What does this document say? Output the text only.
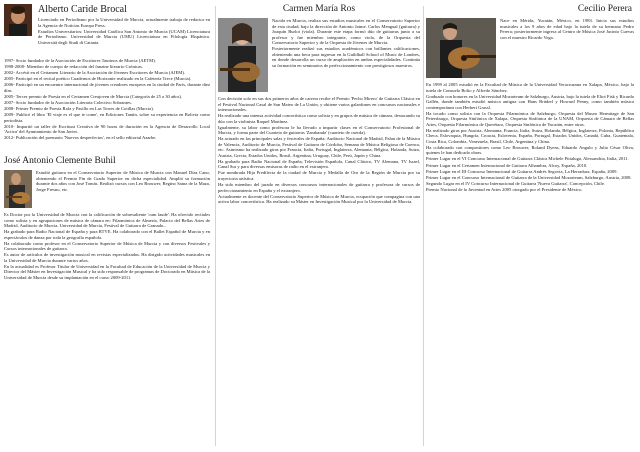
Alberto Caride Brocal

Licenciado en Periodismo por la Universidad de Murcia, actualmente trabaja de redactor en la Agencia de Noticias Europa Press.

Estudios Universitarios: Universidad Católica San Antonio de Murcia (UCAM) Licenciatura de Periodismo. Universidad de Murcia (UMU) Licenciatura en Filología Hispánica. Università degli Studi di Catania.

1997- Socio fundador de la Asociación de Escritores Taurinos de Murcia (AETM).

1998-2008- Miembro de cuerpo de redacción del fanzine literario Crónicas.

2002- Accésit en el Certamen Literario de la Asociación de Jóvenes Escritores de Murcia (AJEM).

2005- Participó en el recital poético Cuadernos de Horizonte realizado en la Cafetería Trece (Murcia).

2006- Participó en un encuentro internacional de jóvenes creadores europeos en la ciudad de París, durante diez días.

2005- Tercer premio de Poesía en el Certamen Creajoven de Murcia (Categoría de 25 a 30 años).

2007- Socio fundador de la Asociación Literaria Colectivo Sobrantes.

2008- Primer Premio de Poesía Rafa y Pasillo en Las Torres de Cotillas (Murcia).

2009- Publicó el libro 'El viaje es el que te come', en Ediciones Tantín, sobre su experiencia en Bolivia como periodista.

2010- Impartió un taller de Escritura Creativa de 90 horas de duración en la Agencia de Desarrollo Local 'Activa' del Ayuntamiento de San Javier.

2012- Publicación del poemario 'Nuevos desperfectos', en el sello editorial Azarbe.

José Antonio Clemente Buhil

Estudió guitarra en el Conservatorio Superior de Música de Murcia con Manuel Díaz Cano, obteniendo el Premio Fin de Grado Superior en dicha especialidad. Amplió su formación durante dos años con José Tomás. Realizó cursos con Leo Brouwer, Regino Sainz de la Maza, Jorge Fresno, etc.

Es Doctor por la Universidad de Murcia con la calificación de sobresaliente 'cum laude'. Ha ofrecido recitales como solista y en agrupaciones de música de cámara en: Filarmónica de Almería, Palacio del Bellas Artes de Madrid, Auditorio de Murcia, Universidad de Murcia, Festival de Guitarra de Granada...

Ha grabado para Radio Nacional de España y para RTVE. Ha colaborado con el Ballet Español de Murcia y en espectáculos de danza por toda la geografía española.

Ha colaborado como profesor en el Conservatorio Superior de Música de Murcia y con diversos Festivales y Cursos internacionales de guitarra.

Es autor de artículos de investigación musical en revistas especializadas. Ha dirigido actividades musicales en la Universidad de Murcia durante varios años.

En la actualidad es Profesor Titular de Universidad en la Facultad de Educación de la Universidad de Murcia y Director del Máster en Investigación Musical y ha sido responsable de programas de Doctorado en Música de la Universidad de Murcia desde su implantación en el curso 2009-2011.

Carmen María Ros

Nacida en Murcia, realiza sus estudios musicales en el Conservatorio Superior de esta ciudad, bajo la dirección de Antonio Jaime. Carlos Mengual (guitarra) y Joaquín Burlot (viola). Durante este etapa formó dúo de guitarras junto a su profesor y fue miembro integrante, como viola, de la Orquesta del Conservatorio Superior y de la Orquesta de Jóvenes de Murcia.

Posteriormente realizó sus estudios académicos con brillantes calificaciones, obteniendo una beca para ingresar en la Guildhall School of Music de Londres, en donde desarrolla un curso de ampliación en ambas especialidades. Continúa su formación en seminarios de perfeccionamiento con prestigiosos maestros.

Con decisión solo en sus dos primeros años de carrera recibe el Premio 'Pecho Mirero' de Guitarra Clásica en el Festival Nacional Casal de San Mateo de La Unión, y obtiene varios galardones en concursos nacionales e internacionales.

Ha realizado una intensa actividad concertística como solista y en grupos de música de cámara, destacando su dúo con la violinista Raquel Martínez.

Igualmente, su labor como profesora le ha llevado a impartir clases en el Conservatorio Profesional de Murcia, y forma parte del Cuarteto de guitarras 'Zarabanda' (cuarteto de cuerda).

Ha actuado en las principales salas y festivales de España: Auditorio Nacional de Madrid, Palau de la Música de Valencia, Auditorio de Murcia, Festival de Guitarra de Córdoba, Semana de Música Religiosa de Cuenca, etc. Asimismo ha realizado giras por Francia, Italia, Portugal, Inglaterra, Alemania, Bélgica, Holanda, Suiza, Austria, Grecia, Estados Unidos, Brasil, Argentina, Uruguay, Chile, Perú, Japón y China.

Ha grabado para Radio Nacional de España, Televisión Española, Canal Clásico, TV Alemana, TV Israel, Canal Sur y para diversas emisoras de radio en el extranjero.

Fue nombrada Hija Predilecta de la ciudad de Murcia y Medalla de Oro de la Región de Murcia por su trayectoria artística.

Ha sido miembro del jurado en diversos concursos internacionales de guitarra y profesora de cursos de perfeccionamiento en España y el extranjero.

Actualmente es docente del Conservatorio Superior de Música de Murcia, ocupación que compagina con una activa labor concertística. Ha realizado su Máster en Investigación Musical por la Universidad de Murcia.

Cecilio Perera

Nace en Mérida, Yucatán, México, en 1983. Inicia sus estudios musicales a los 9 años de edad bajo la tutela de su hermano Pedro Perera; posteriormente ingresa al Centro de Música José Jacinto Cuevas con el maestro Ricardo Vega.

En 1999 al 2005 estudió en la Facultad de Música de la Universidad Veracruzana en Xalapa, México, bajo la tutela de Consuelo Bolio y Alfredo Sánchez.

Graduado con honores en la Universidad Mozarteum de Salzburgo, Austria, bajo la tutela de Eliot Fisk y Ricardo Gallén, donde también estudió música antigua con Hans Brüderl y Howard Penny, como también música contemporánea con Herbert Grassl.

Ha tocado como solista con la Orquesta Filarmónica de Salzburgo, Orquesta del Museo Hermitage de San Petersburgo, Orquesta Sinfónica de Xalapa, Orquesta Sinfónica de la UNAM, Orquesta de Cámara de Bellas Artes, Orquesta Filarmónica de Querétaro, Orquesta Sinfónica de Yucatán, entre otras.

Ha realizado giras por Austria, Alemania, Francia, Italia, Suiza, Holanda, Bélgica, Inglaterra, Polonia, República Checa, Eslovaquia, Hungría, Croacia, Eslovenia, España, Portugal, Estados Unidos, Canadá, Cuba, Guatemala, Costa Rica, Colombia, Venezuela, Brasil, Chile, Argentina y China.

Ha colaborado con compositores como Leo Brouwer, Roland Dyens, Eduardo Angulo y Julio César Oliva, quienes le han dedicado obras.

Primer Lugar en el VI Concurso Internacional de Guitarra Clásica Michele Pittaluga, Alessandria, Italia, 2011.

Primer Lugar en el Certamen Internacional de Guitarra Alhambra, Alcoy, España, 2010.

Primer Lugar en el III Concurso Internacional de Guitarra Andrés Segovia, La Herradura, España, 2009.

Primer Lugar en el Concurso Internacional de Guitarra de la Universidad Mozarteum, Salzburgo, Austria, 2008.

Segundo Lugar en el IV Concurso Internacional de Guitarra 'Nueva Guitarra', Concepción, Chile.

Premio Nacional de la Juventud en Artes 2005 otorgado por el Presidente de México.
